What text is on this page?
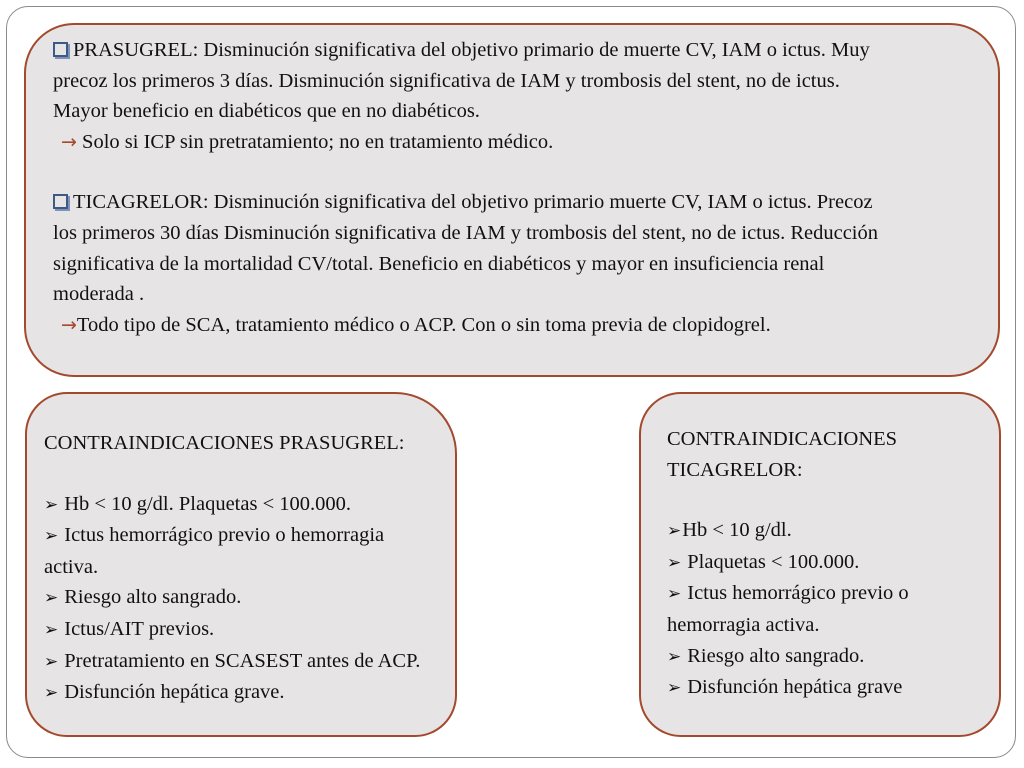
PRASUGREL: Disminución significativa del objetivo primario de muerte CV, IAM o ictus. Muy

precoz los primeros 3 días. Disminución significativa de IAM y trombosis del stent, no de ictus.

Mayor beneficio en diabéticos que en no diabéticos.

→ Solo si ICP sin pretratamiento; no en tratamiento médico.

TICAGRELOR: Disminución significativa del objetivo primario muerte CV, IAM o ictus. Precoz

los primeros 30 días Disminución significativa de IAM y trombosis del stent, no de ictus. Reducción

significativa de la mortalidad CV/total. Beneficio en diabéticos y mayor en insuficiencia renal

moderada .

→Todo tipo de SCA, tratamiento médico o ACP. Con o sin toma previa de clopidogrel.

CONTRAINDICACIONES PRASUGREL:

➢ Hb < 10 g/dl. Plaquetas < 100.000.

➢ Ictus hemorrágico previo o hemorragia

activa.

➢ Riesgo alto sangrado.

➢ Ictus/AIT previos.

➢ Pretratamiento en SCASEST antes de ACP.

➢ Disfunción hepática grave.

CONTRAINDICACIONES

TICAGRELOR:

➢Hb < 10 g/dl.

➢ Plaquetas < 100.000.

➢ Ictus hemorrágico previo o

hemorragia activa.

➢ Riesgo alto sangrado.

➢ Disfunción hepática grave
